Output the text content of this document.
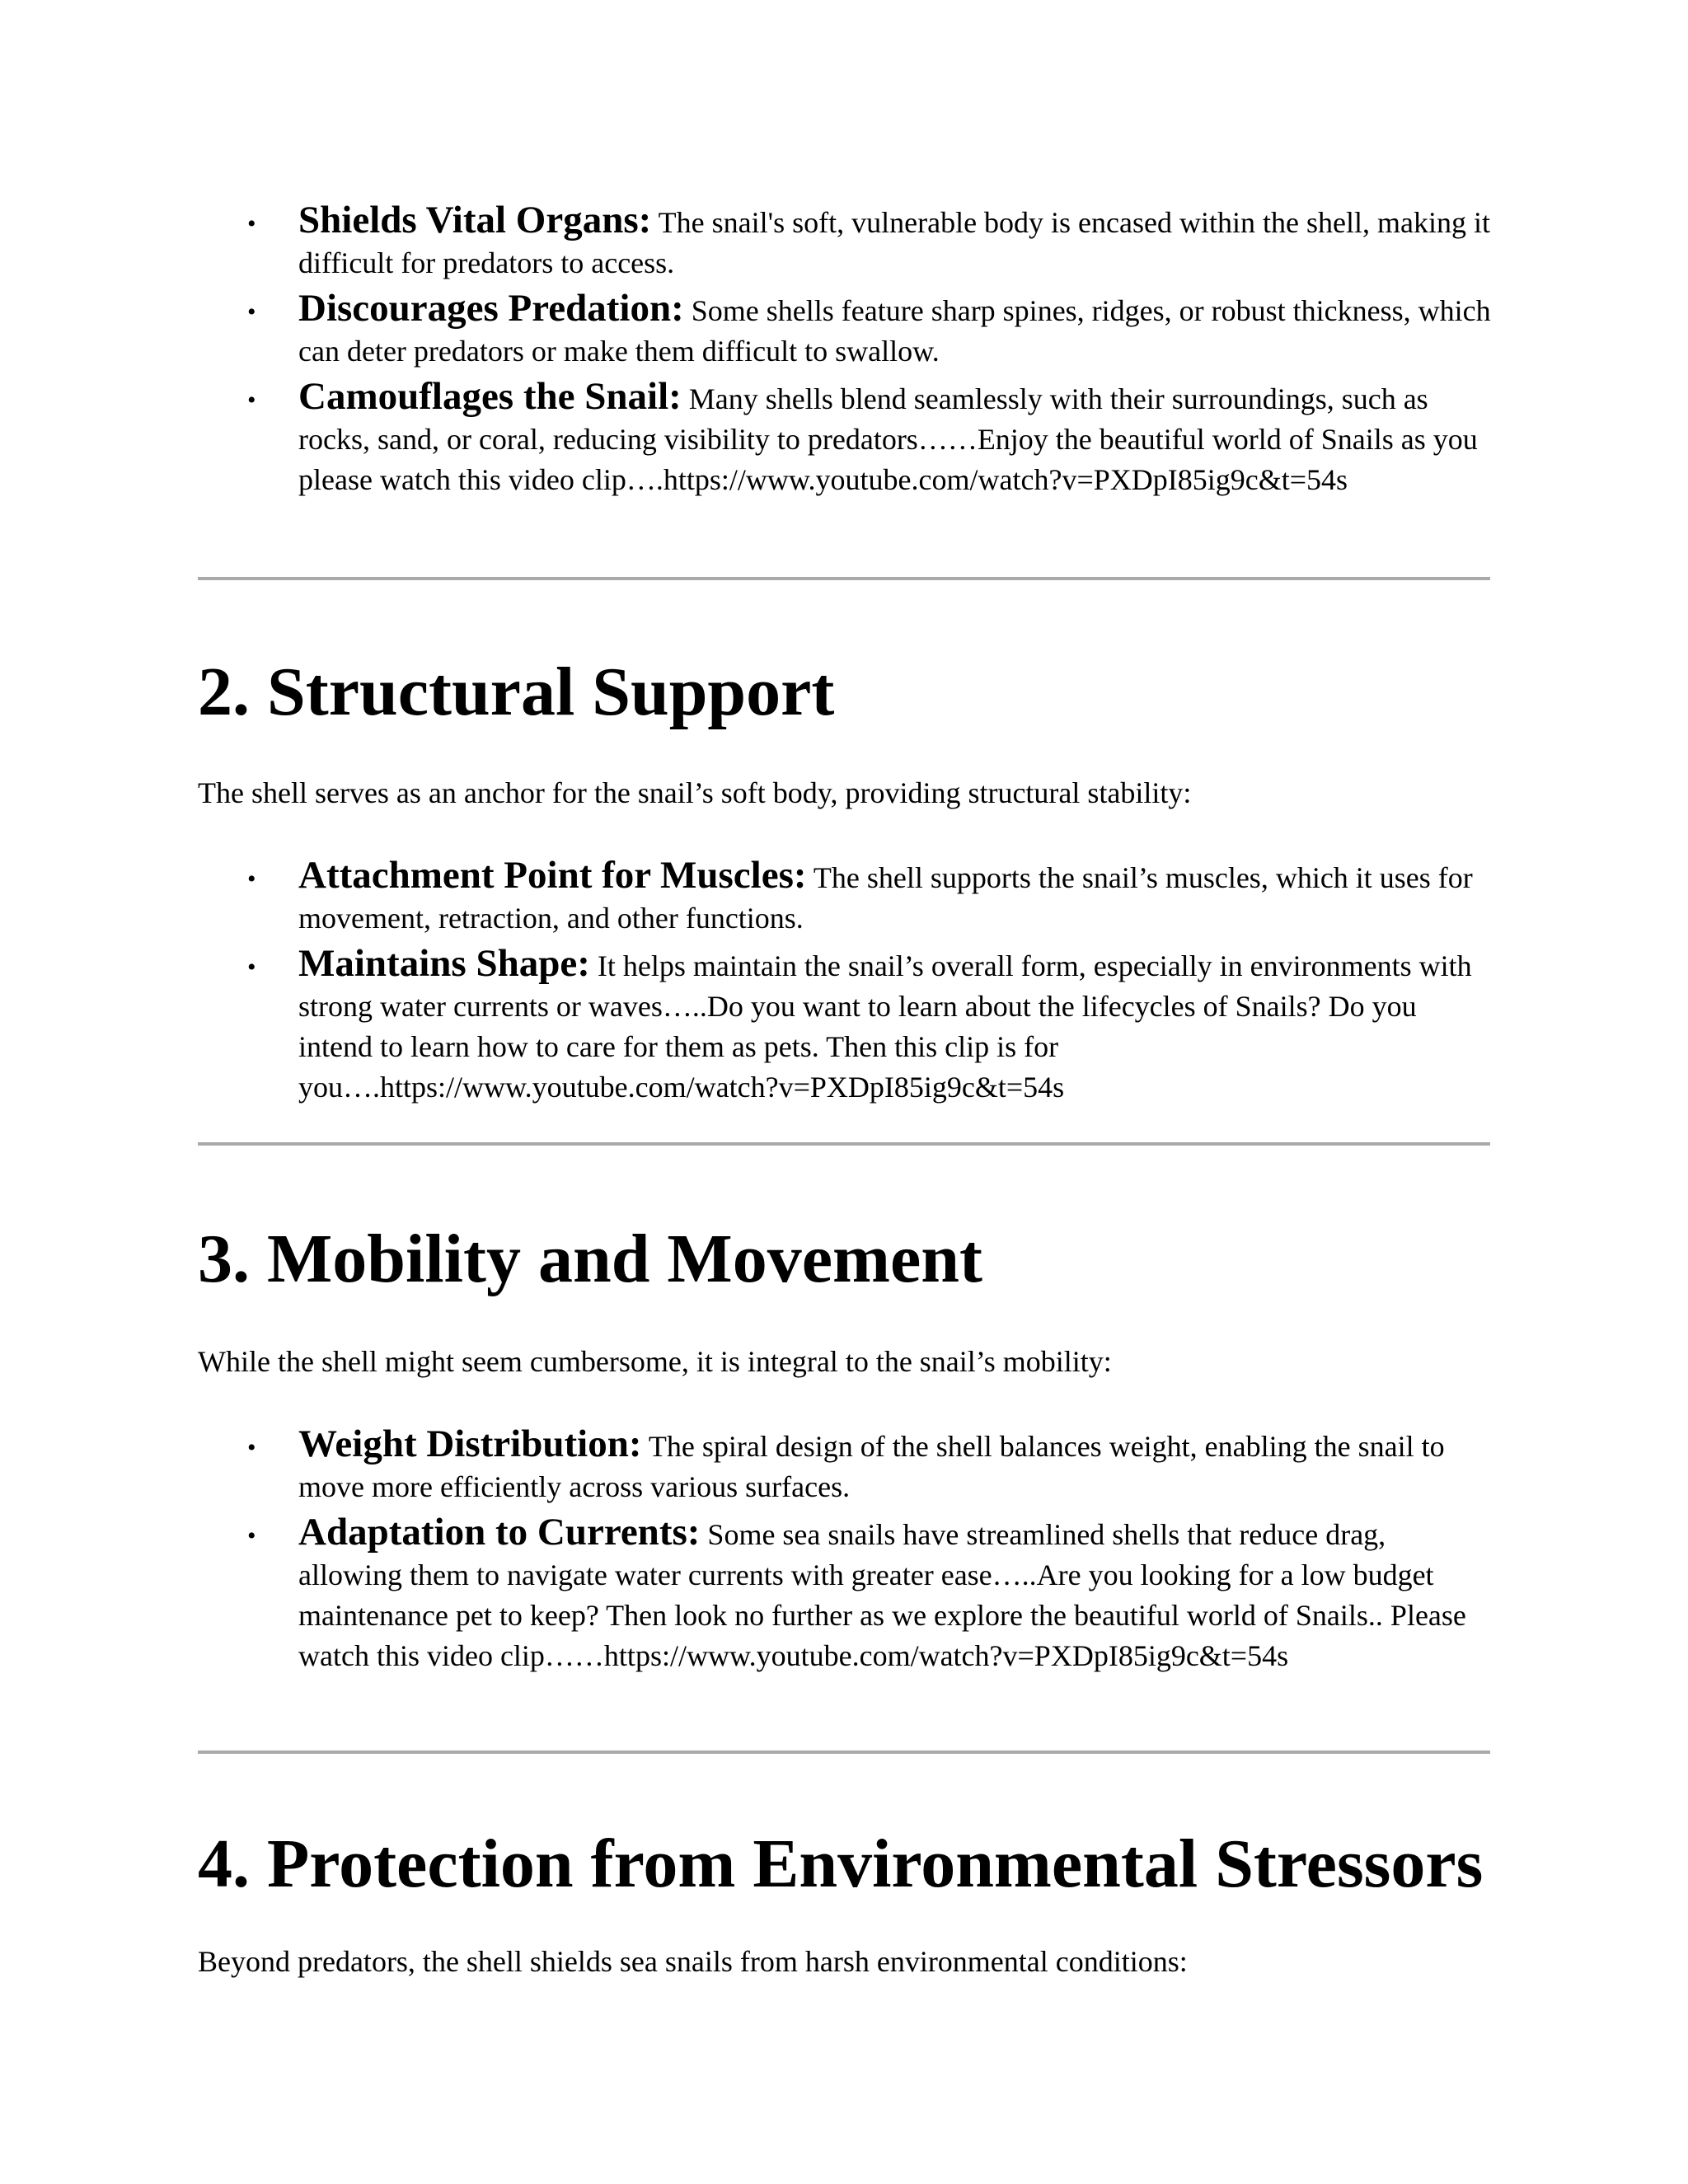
• Shields Vital Organs: The snail's soft, vulnerable body is encased within the shell, making it difficult for predators to access.
• Discourages Predation: Some shells feature sharp spines, ridges, or robust thickness, which can deter predators or make them difficult to swallow.
• Camouflages the Snail: Many shells blend seamlessly with their surroundings, such as rocks, sand, or coral, reducing visibility to predators……Enjoy the beautiful world of Snails as you please watch this video clip….https://www.youtube.com/watch?v=PXDpI85ig9c&t=54s
2. Structural Support

The shell serves as an anchor for the snail’s soft body, providing structural stability:

• Attachment Point for Muscles: The shell supports the snail’s muscles, which it uses for movement, retraction, and other functions.
• Maintains Shape: It helps maintain the snail’s overall form, especially in environments with strong water currents or waves…..Do you want to learn about the lifecycles of Snails? Do you intend to learn how to care for them as pets. Then this clip is for you….https://www.youtube.com/watch?v=PXDpI85ig9c&t=54s
3. Mobility and Movement

While the shell might seem cumbersome, it is integral to the snail’s mobility:

• Weight Distribution: The spiral design of the shell balances weight, enabling the snail to move more efficiently across various surfaces.
• Adaptation to Currents: Some sea snails have streamlined shells that reduce drag, allowing them to navigate water currents with greater ease…..Are you looking for a low budget maintenance pet to keep? Then look no further as we explore the beautiful world of Snails.. Please watch this video clip……https://www.youtube.com/watch?v=PXDpI85ig9c&t=54s
4. Protection from Environmental Stressors

Beyond predators, the shell shields sea snails from harsh environmental conditions:
